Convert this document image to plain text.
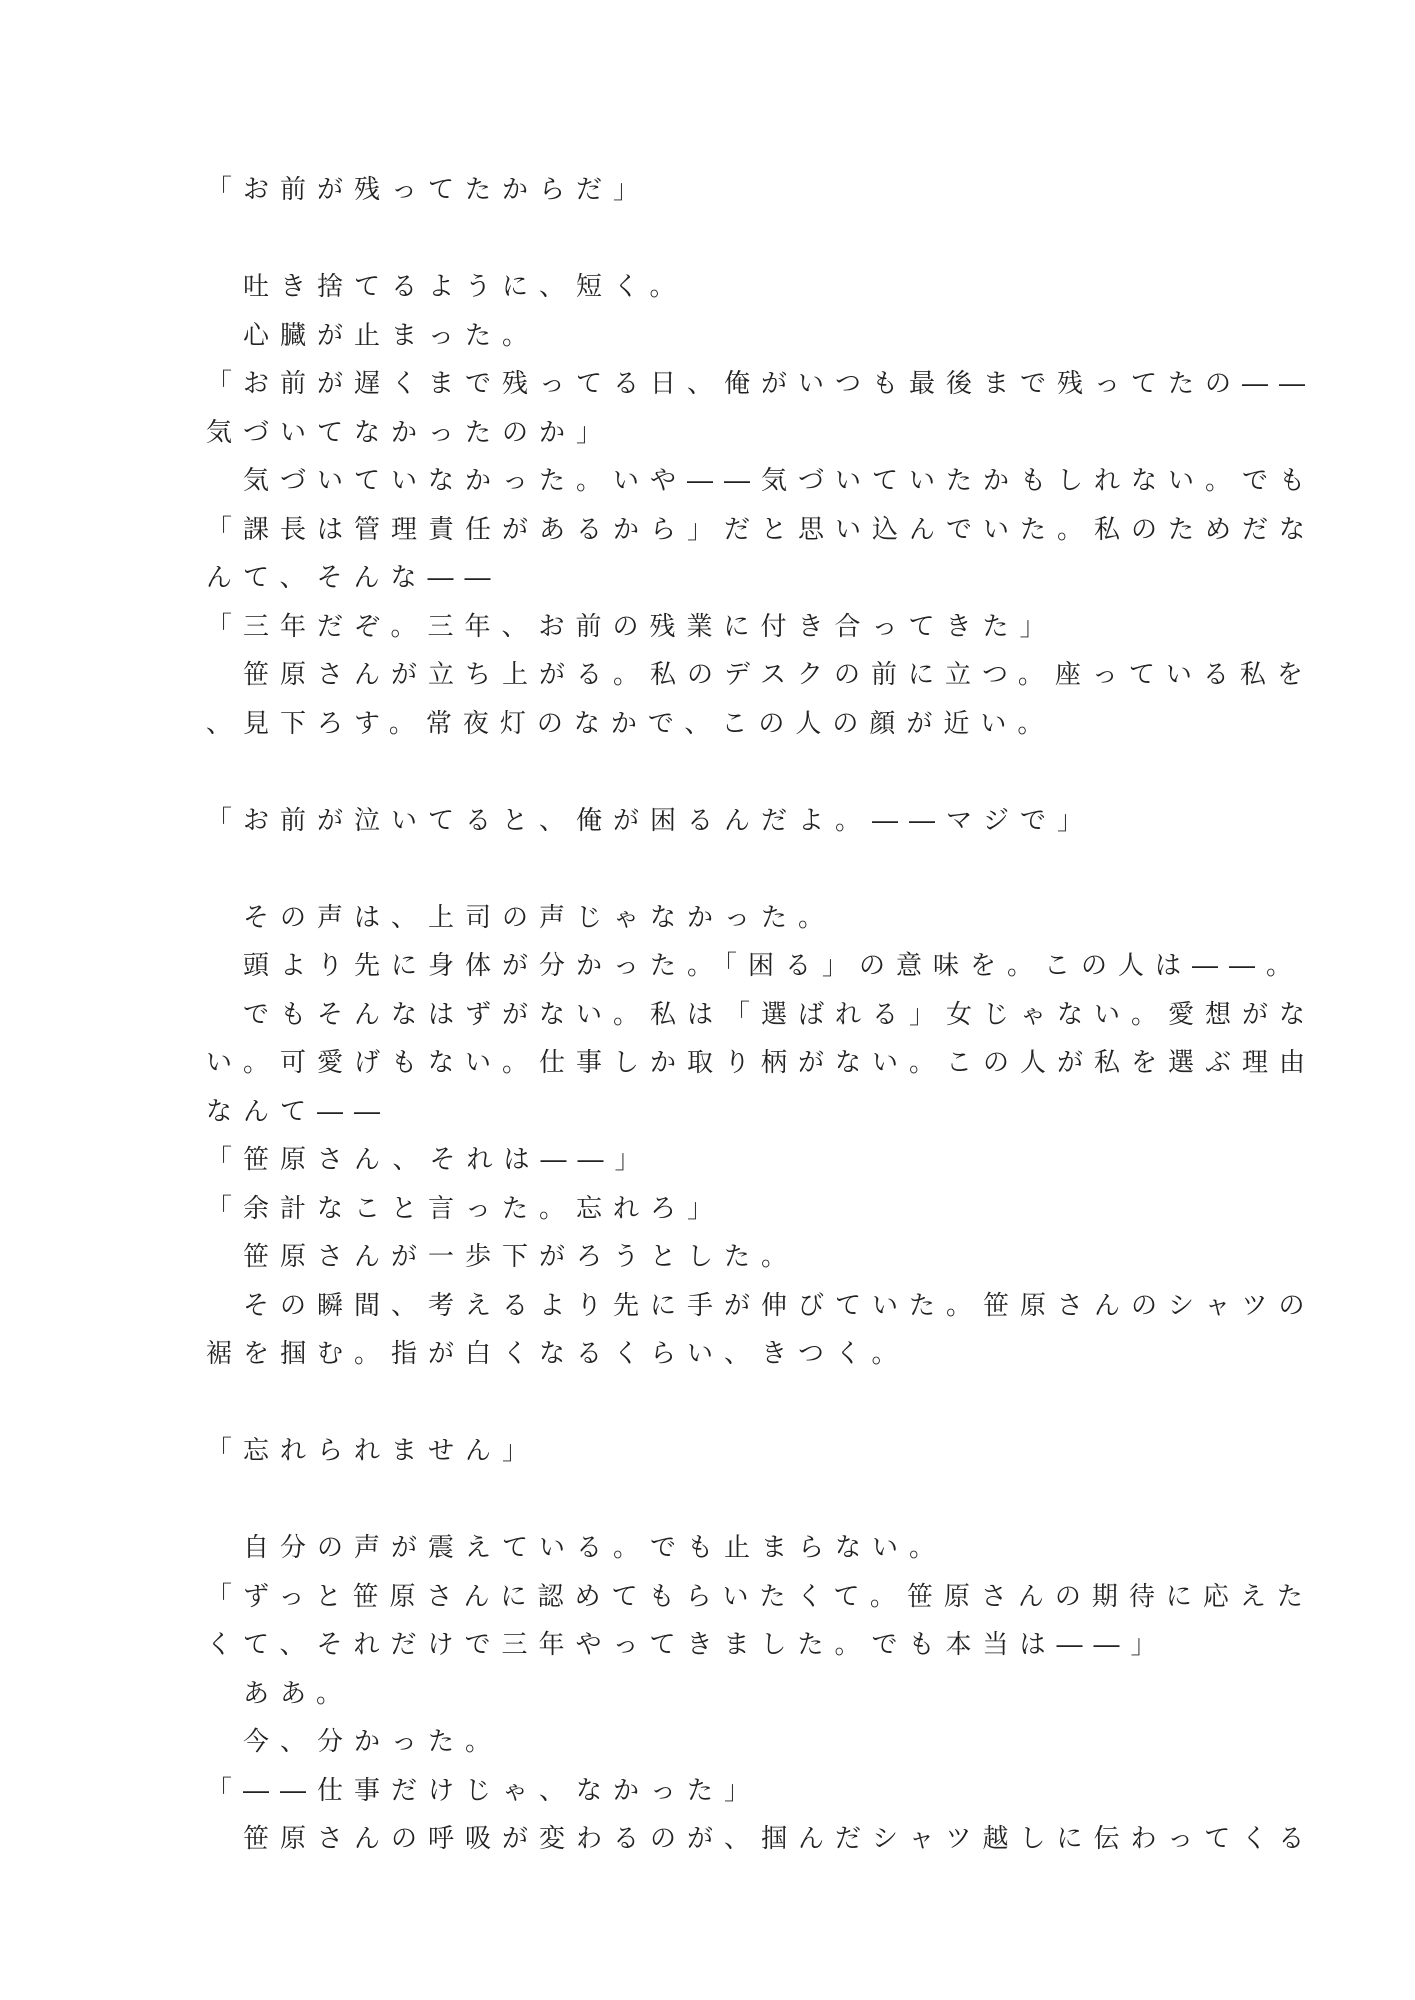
「お前が残ってたからだ」
　吐き捨てるように、短く。
　心臓が止まった。
「お前が遅くまで残ってる日、俺がいつも最後まで残ってたの――
気づいてなかったのか」
　気づいていなかった。いや――気づいていたかもしれない。でも
「課長は管理責任があるから」だと思い込んでいた。私のためだな
んて、そんな――
「三年だぞ。三年、お前の残業に付き合ってきた」
　笹原さんが立ち上がる。私のデスクの前に立つ。座っている私を
、見下ろす。常夜灯のなかで、この人の顔が近い。
「お前が泣いてると、俺が困るんだよ。――マジで」
　その声は、上司の声じゃなかった。
　頭より先に身体が分かった。「困る」の意味を。この人は――。
　でもそんなはずがない。私は「選ばれる」女じゃない。愛想がな
い。可愛げもない。仕事しか取り柄がない。この人が私を選ぶ理由
なんて――
「笹原さん、それは――」
「余計なこと言った。忘れろ」
　笹原さんが一歩下がろうとした。
　その瞬間、考えるより先に手が伸びていた。笹原さんのシャツの
裾を掴む。指が白くなるくらい、きつく。
「忘れられません」
　自分の声が震えている。でも止まらない。
「ずっと笹原さんに認めてもらいたくて。笹原さんの期待に応えた
くて、それだけで三年やってきました。でも本当は――」
　ああ。
　今、分かった。
「――仕事だけじゃ、なかった」
　笹原さんの呼吸が変わるのが、掴んだシャツ越しに伝わってくる
